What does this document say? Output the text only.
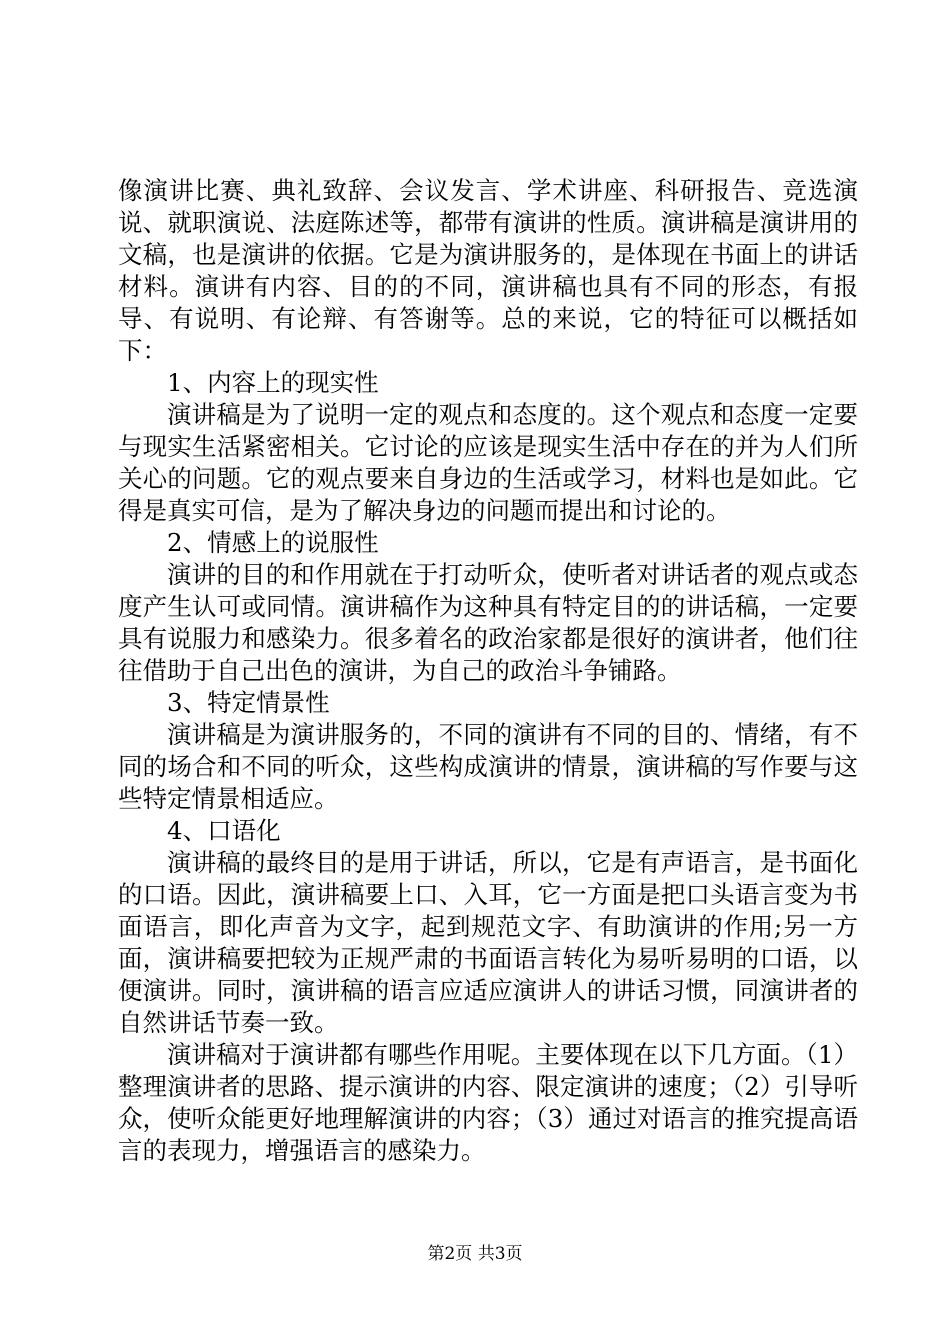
像演讲比赛、典礼致辞、会议发言、学术讲座、科研报告、竞选演说、就职演说、法庭陈述等，都带有演讲的性质。演讲稿是演讲用的文稿，也是演讲的依据。它是为演讲服务的，是体现在书面上的讲话材料。演讲有内容、目的的不同，演讲稿也具有不同的形态，有报导、有说明、有论辩、有答谢等。总的来说，它的特征可以概括如下：

1、内容上的现实性

演讲稿是为了说明一定的观点和态度的。这个观点和态度一定要与现实生活紧密相关。它讨论的应该是现实生活中存在的并为人们所关心的问题。它的观点要来自身边的生活或学习，材料也是如此。它得是真实可信，是为了解决身边的问题而提出和讨论的。

2、情感上的说服性

演讲的目的和作用就在于打动听众，使听者对讲话者的观点或态度产生认可或同情。演讲稿作为这种具有特定目的的讲话稿，一定要具有说服力和感染力。很多着名的政治家都是很好的演讲者，他们往往借助于自己出色的演讲，为自己的政治斗争铺路。

3、特定情景性

演讲稿是为演讲服务的，不同的演讲有不同的目的、情绪，有不同的场合和不同的听众，这些构成演讲的情景，演讲稿的写作要与这些特定情景相适应。

4、口语化

演讲稿的最终目的是用于讲话，所以，它是有声语言，是书面化的口语。因此，演讲稿要上口、入耳，它一方面是把口头语言变为书面语言，即化声音为文字，起到规范文字、有助演讲的作用;另一方面，演讲稿要把较为正规严肃的书面语言转化为易听易明的口语，以便演讲。同时，演讲稿的语言应适应演讲人的讲话习惯，同演讲者的自然讲话节奏一致。

演讲稿对于演讲都有哪些作用呢。主要体现在以下几方面。（1）整理演讲者的思路、提示演讲的内容、限定演讲的速度；（2）引导听众，使听众能更好地理解演讲的内容；（3）通过对语言的推究提高语言的表现力，增强语言的感染力。

第2页 共3页
